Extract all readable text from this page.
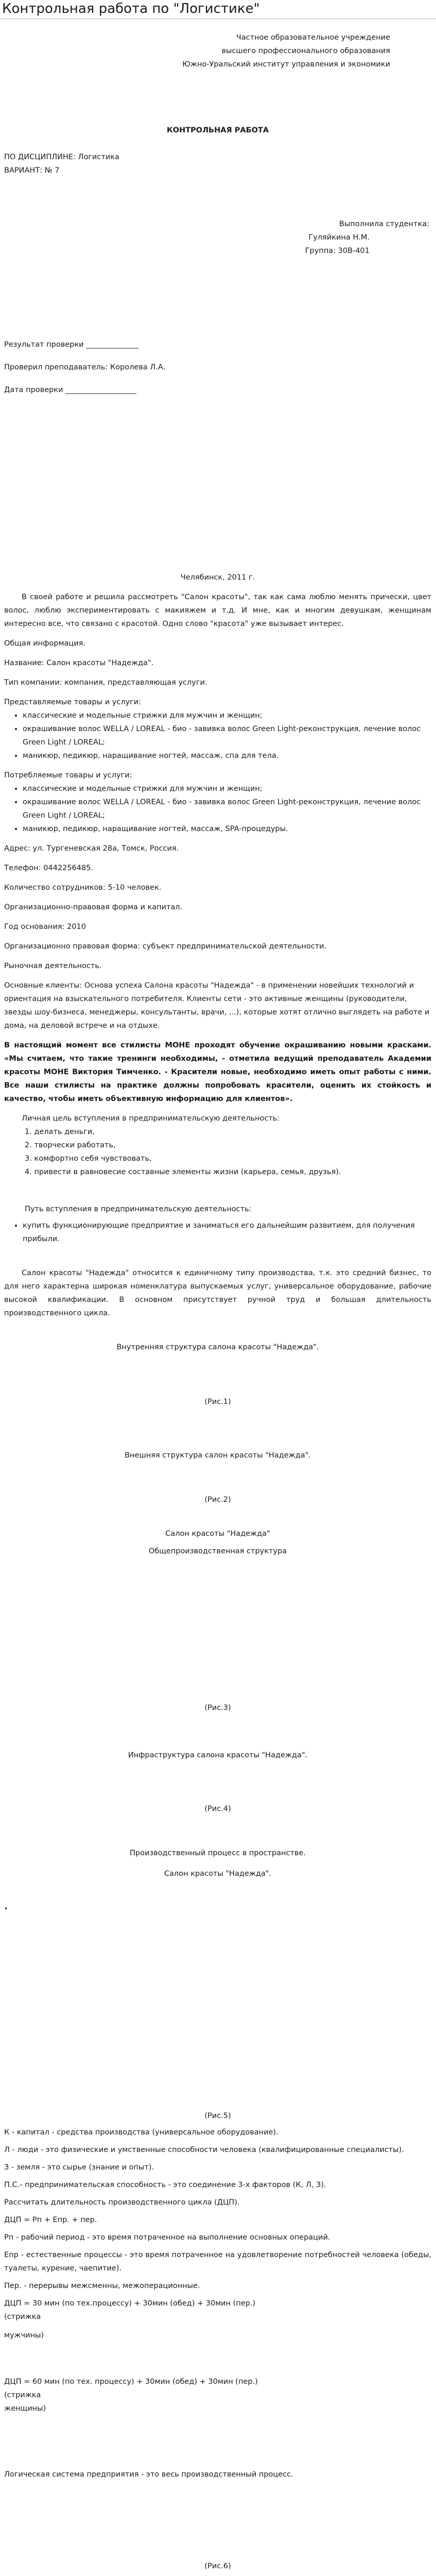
Контрольная работа по "Логистике"

Частное образовательное учреждение

высшего профессионального образования

Южно-Уральский институт управления и экономики

КОНТРОЛЬНАЯ РАБОТА

ПО ДИСЦИПЛИНЕ: Логистика

ВАРИАНТ: № 7

Выполнила студентка:

Гуляйкина Н.М.

Группа: 30В-401

Результат проверки ______________

Проверил преподаватель: Королева Л.А.

Дата проверки ___________________

Челябинск, 2011 г.

В своей работе и решила рассмотреть "Салон красоты", так как сама люблю менять прически, цвет волос, люблю экспериментировать с макияжем и т.д. И мне, как и многим девушкам, женщинам интересно все, что связано с красотой. Одно слово "красота" уже вызывает интерес.

Общая информация.

Название: Салон красоты "Надежда".

Тип компании: компания, представляющая услуги.

Представляемые товары и услуги:

• классические и модельные стрижки для мужчин и женщин;
• окрашивание волос WELLA / LOREAL - био - завивка волос Green Light-реконструкция, лечение волос Green Light / LOREAL;
• маникюр, педикюр, наращивание ногтей, массаж, спа для тела.

Потребляемые товары и услуги:

• классические и модельные стрижки для мужчин и женщин;
• окрашивание волос WELLA / LOREAL - био - завивка волос Green Light-реконструкция, лечение волос Green Light / LOREAL;
• маникюр, педикюр, наращивание ногтей, массаж, SPA-процедуры.

Адрес: ул. Тургеневская 28а, Томск, Россия.

Телефон: 0442256485.

Количество сотрудников: 5-10 человек.

Организационно-правовая форма и капитал.

Год основания: 2010

Организационно правовая форма: субъект предпринимательской деятельности.

Рыночная деятельность.

Основные клиенты: Основа успеха Салона красоты "Надежда" - в применении новейших технологий и ориентация на взыскательного потребителя. Клиенты сети - это активные женщины (руководители, звезды шоу-бизнеса, менеджеры, консультанты, врачи, ...), которые хотят отлично выглядеть на работе и дома, на деловой встрече и на отдыхе.

В настоящий момент все стилисты MOHE проходят обучение окрашиванию новыми красками. «Мы считаем, что такие тренинги необходимы, - отметила ведущий преподаватель Академии красоты MOHE Виктория Тимченко. - Красители новые, необходимо иметь опыт работы с ними. Все наши стилисты на практике должны попробовать красители, оценить их стойкость и качество, чтобы иметь объективную информацию для клиентов».

Личная цель вступления в предпринимательскую деятельность:

1. делать деньги,
2. творчески работать,
3. комфортно себя чувствовать,
4. привести в равновесие составные элементы жизни (карьера, семья, друзья).

Путь вступления в предпринимательскую деятельность:

• купить функционирующие предприятие и заниматься его дальнейшим развитием, для получения прибыли.

Салон красоты "Надежда" относится к единичному типу производства, т.к. это средний бизнес, то для него характерна широкая номенклатура выпускаемых услуг, универсальное оборудование, рабочие высокой квалификации. В основном присутствует ручной труд и большая длительность производственного цикла.

Внутренняя структура салона красоты "Надежда".

(Рис.1)

Внешняя структура салон красоты "Надежда".

(Рис.2)

Салон красоты "Надежда"

Общепроизводственная структура

(Рис.3)

Инфраструктура салона красоты "Надежда".

(Рис.4)

Производственный процесс в пространстве.

Салон красоты "Надежда".

•

(Рис.5)

К - капитал - средства производства (универсальное оборудование).

Л - люди - это физические и умственные способности человека (квалифицированные специалисты).

З - земля - это сырье (знание и опыт).

П.С.- предпринимательская способность - это соединение 3-х факторов (К, Л, З).

Рассчитать длительность производственного цикла (ДЦП).

ДЦП = Рп + Епр. + пер.

Рп - рабочий период - это время потраченное на выполнение основных операций.

Епр - естественные процессы - это время потраченное на удовлетворение потребностей человека (обеды, туалеты, курение, чаепитие).

Пер. - перерывы межсменны, межоперационные.

ДЦП = 30 мин (по тех.процессу) + 30мин (обед) + 30мин (пер.)

(стрижка

мужчины)

ДЦП = 60 мин (по тех. процессу) + 30мин (обед) + 30мин (пер.)

(стрижка

женщины)

Логическая система предприятия - это весь производственный процесс.

(Рис.6)
